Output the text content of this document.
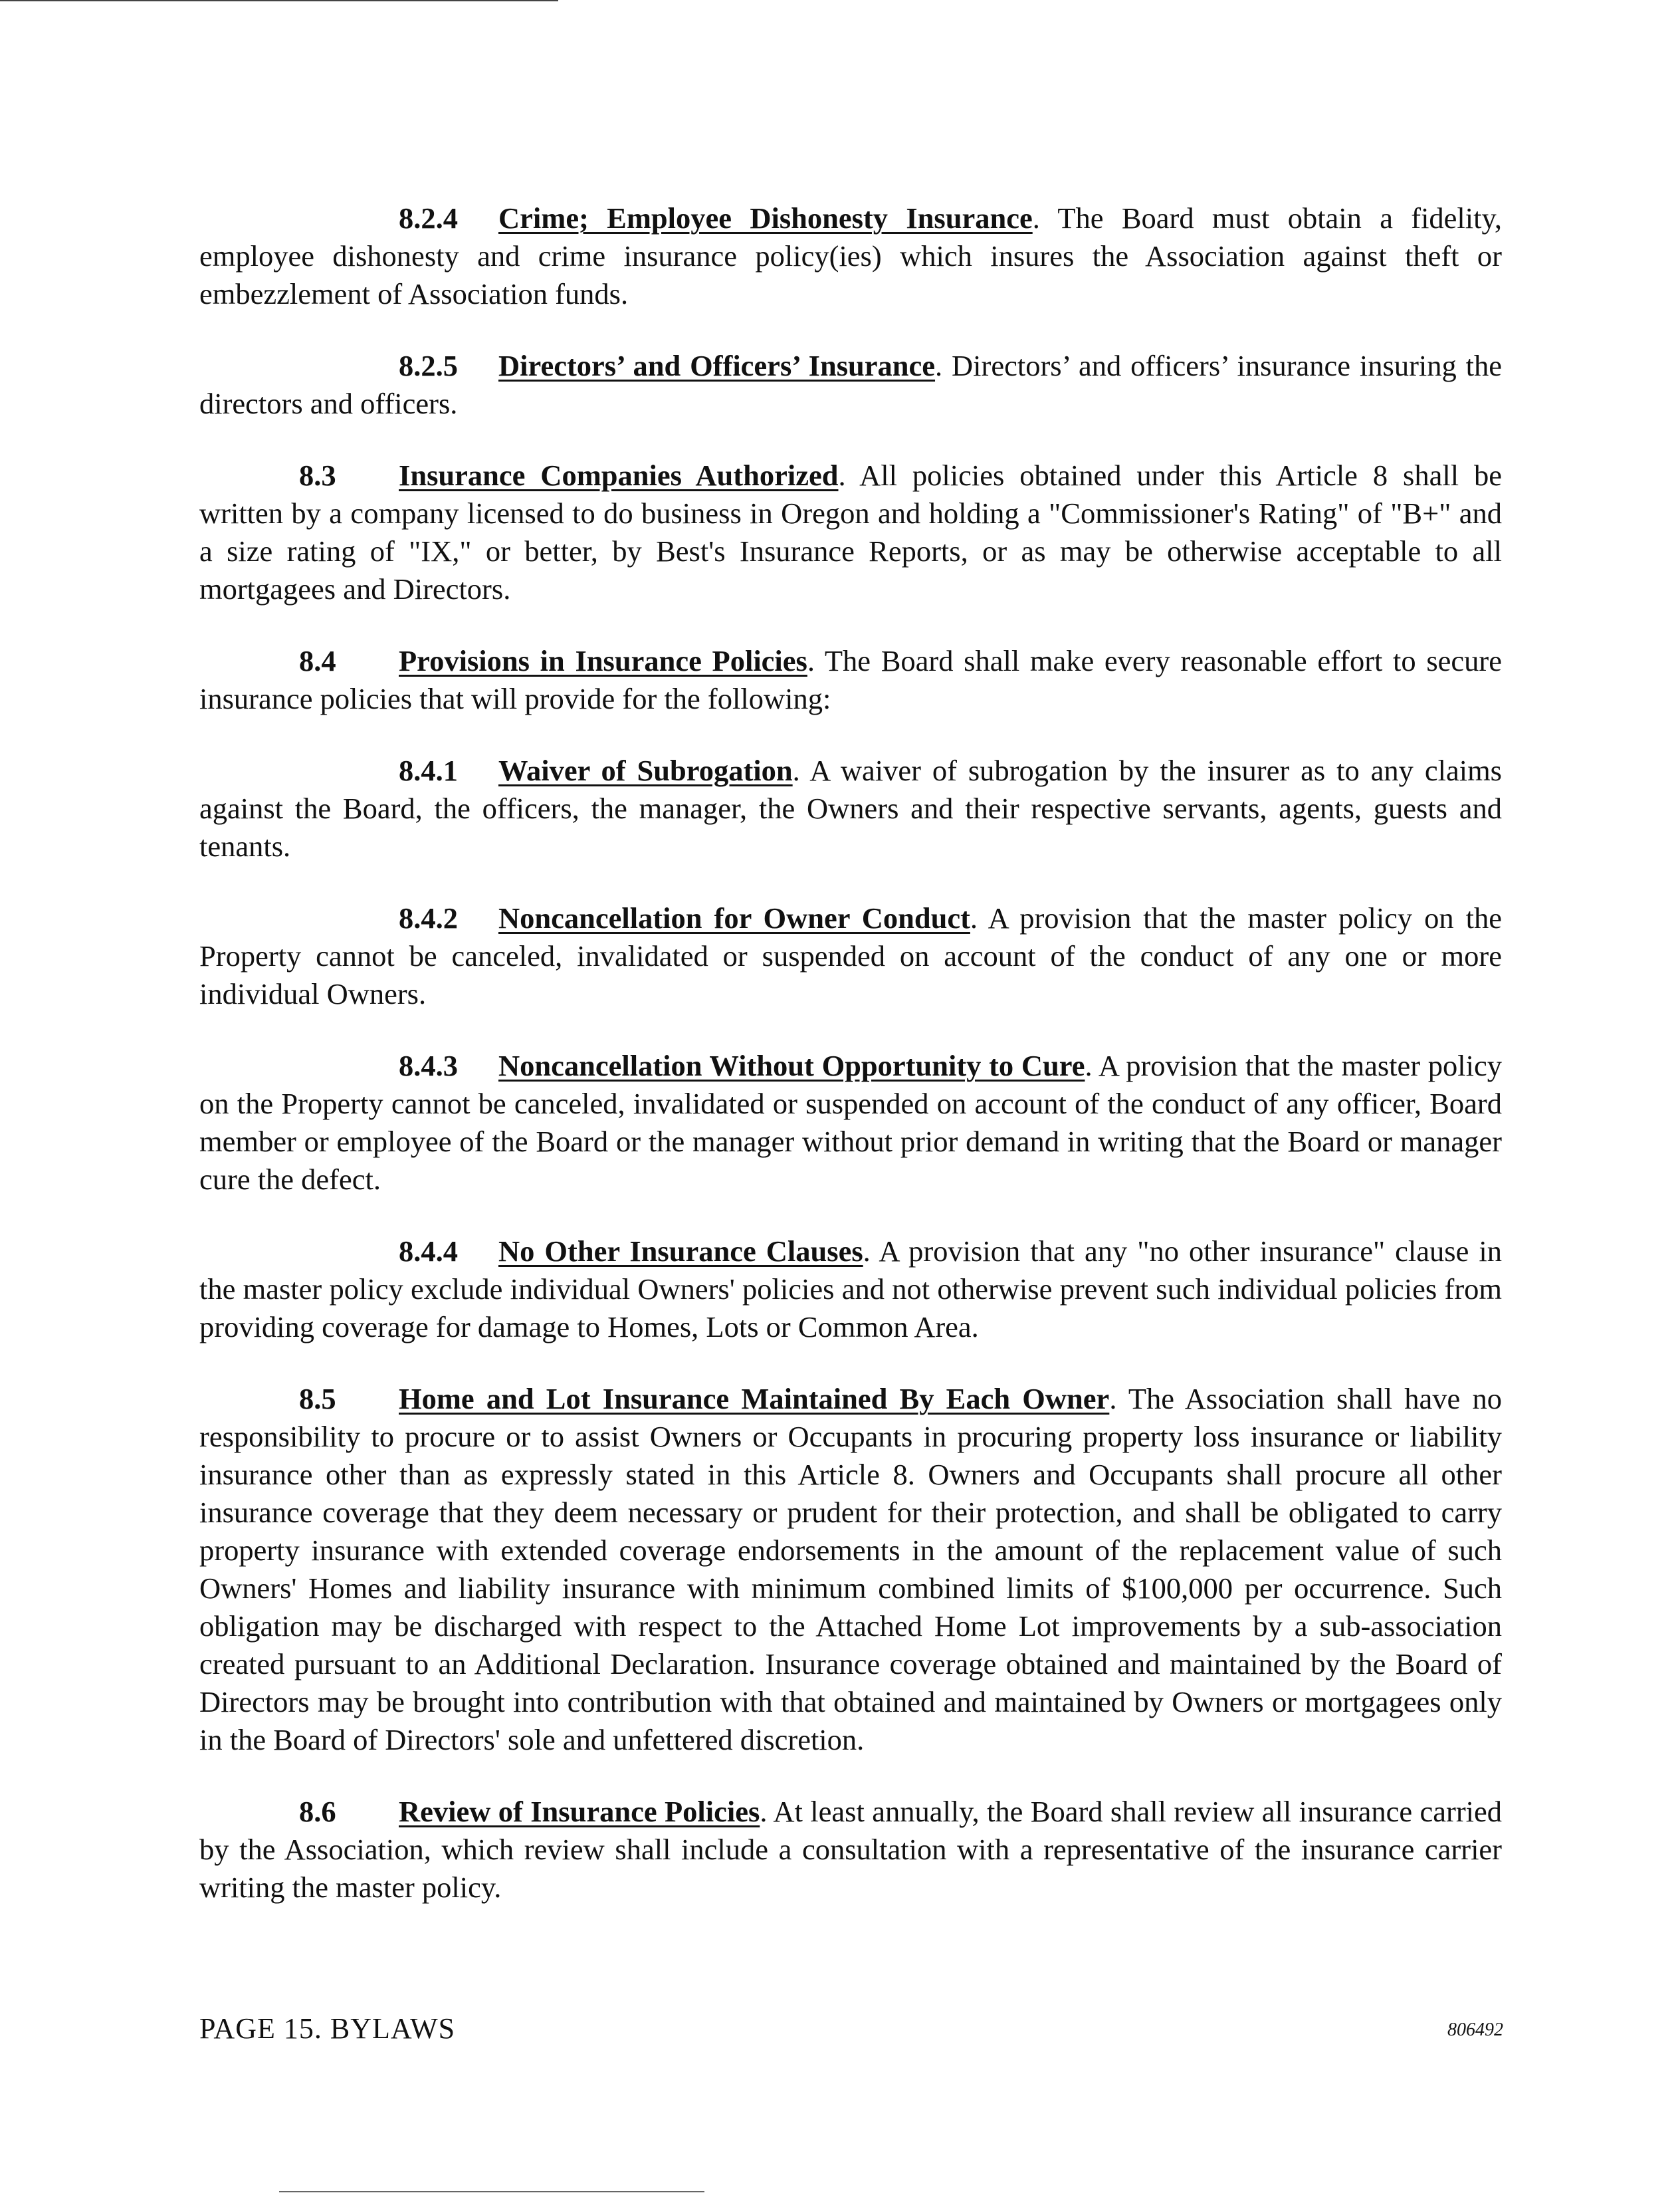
8.2.4 Crime; Employee Dishonesty Insurance. The Board must obtain a fidelity, employee dishonesty and crime insurance policy(ies) which insures the Association against theft or embezzlement of Association funds.

8.2.5 Directors’ and Officers’ Insurance. Directors’ and officers’ insurance insuring the directors and officers.

8.3 Insurance Companies Authorized. All policies obtained under this Article 8 shall be written by a company licensed to do business in Oregon and holding a "Commissioner's Rating" of "B+" and a size rating of "IX," or better, by Best's Insurance Reports, or as may be otherwise acceptable to all mortgagees and Directors.

8.4 Provisions in Insurance Policies. The Board shall make every reasonable effort to secure insurance policies that will provide for the following:

8.4.1 Waiver of Subrogation. A waiver of subrogation by the insurer as to any claims against the Board, the officers, the manager, the Owners and their respective servants, agents, guests and tenants.

8.4.2 Noncancellation for Owner Conduct. A provision that the master policy on the Property cannot be canceled, invalidated or suspended on account of the conduct of any one or more individual Owners.

8.4.3 Noncancellation Without Opportunity to Cure. A provision that the master policy on the Property cannot be canceled, invalidated or suspended on account of the conduct of any officer, Board member or employee of the Board or the manager without prior demand in writing that the Board or manager cure the defect.

8.4.4 No Other Insurance Clauses. A provision that any "no other insurance" clause in the master policy exclude individual Owners' policies and not otherwise prevent such individual policies from providing coverage for damage to Homes, Lots or Common Area.

8.5 Home and Lot Insurance Maintained By Each Owner. The Association shall have no responsibility to procure or to assist Owners or Occupants in procuring property loss insurance or liability insurance other than as expressly stated in this Article 8. Owners and Occupants shall procure all other insurance coverage that they deem necessary or prudent for their protection, and shall be obligated to carry property insurance with extended coverage endorsements in the amount of the replacement value of such Owners' Homes and liability insurance with minimum combined limits of $100,000 per occurrence. Such obligation may be discharged with respect to the Attached Home Lot improvements by a sub-association created pursuant to an Additional Declaration. Insurance coverage obtained and maintained by the Board of Directors may be brought into contribution with that obtained and maintained by Owners or mortgagees only in the Board of Directors' sole and unfettered discretion.

8.6 Review of Insurance Policies. At least annually, the Board shall review all insurance carried by the Association, which review shall include a consultation with a representative of the insurance carrier writing the master policy.

PAGE 15. BYLAWS	806492
